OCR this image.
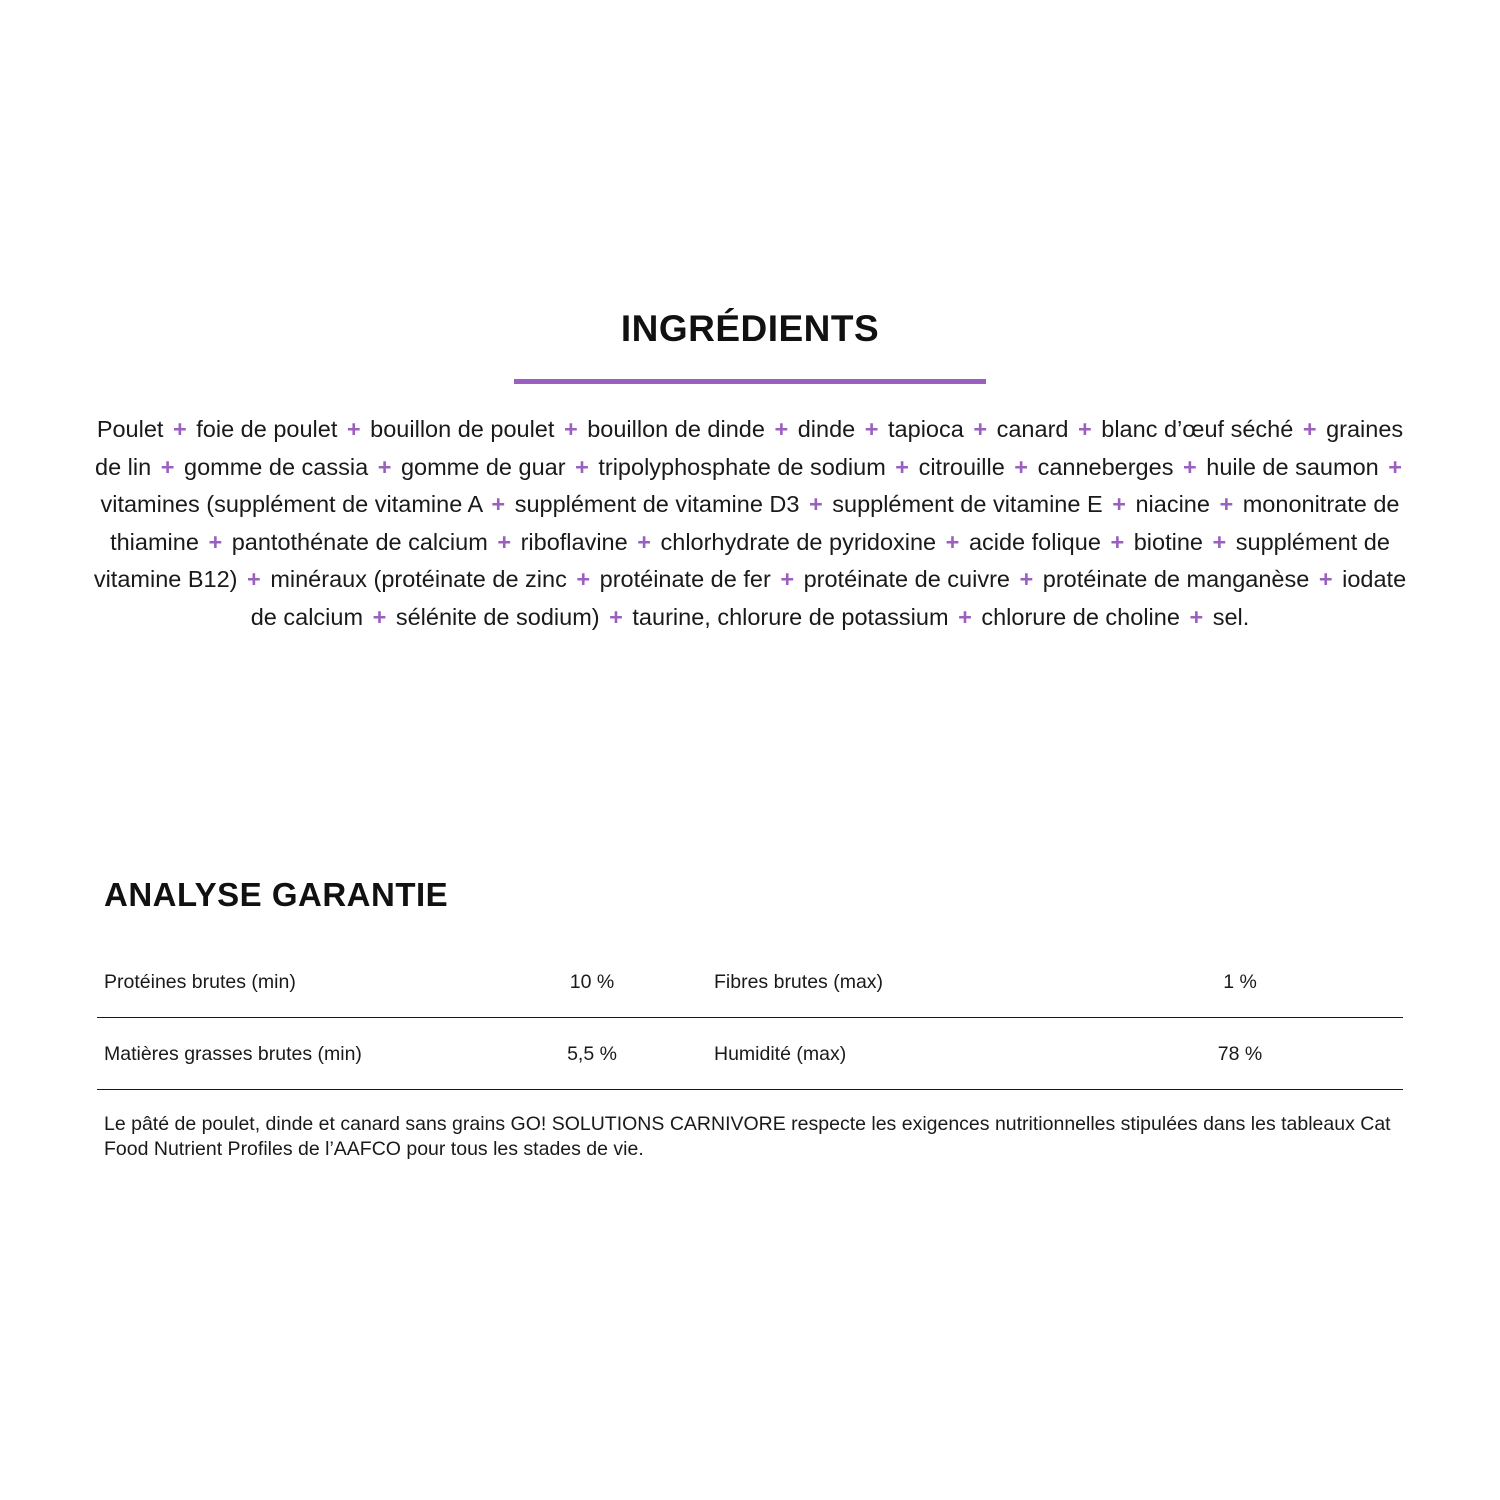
INGRÉDIENTS

Poulet + foie de poulet + bouillon de poulet + bouillon de dinde + dinde + tapioca + canard + blanc d’œuf séché + graines de lin + gomme de cassia + gomme de guar + tripolyphosphate de sodium + citrouille + canneberges + huile de saumon + vitamines (supplément de vitamine A + supplément de vitamine D3 + supplément de vitamine E + niacine + mononitrate de thiamine + pantothénate de calcium + riboflavine + chlorhydrate de pyridoxine + acide folique + biotine + supplément de vitamine B12) + minéraux (protéinate de zinc + protéinate de fer + protéinate de cuivre + protéinate de manganèse + iodate de calcium + sélénite de sodium) + taurine, chlorure de potassium + chlorure de choline + sel.

ANALYSE GARANTIE
Protéines brutes (min)	10 %	Fibres brutes (max)	1 %
Matières grasses brutes (min)	5,5 %	Humidité (max)	78 %

Le pâté de poulet, dinde et canard sans grains GO! SOLUTIONS CARNIVORE respecte les exigences nutritionnelles stipulées dans les tableaux Cat Food Nutrient Profiles de l’AAFCO pour tous les stades de vie.
